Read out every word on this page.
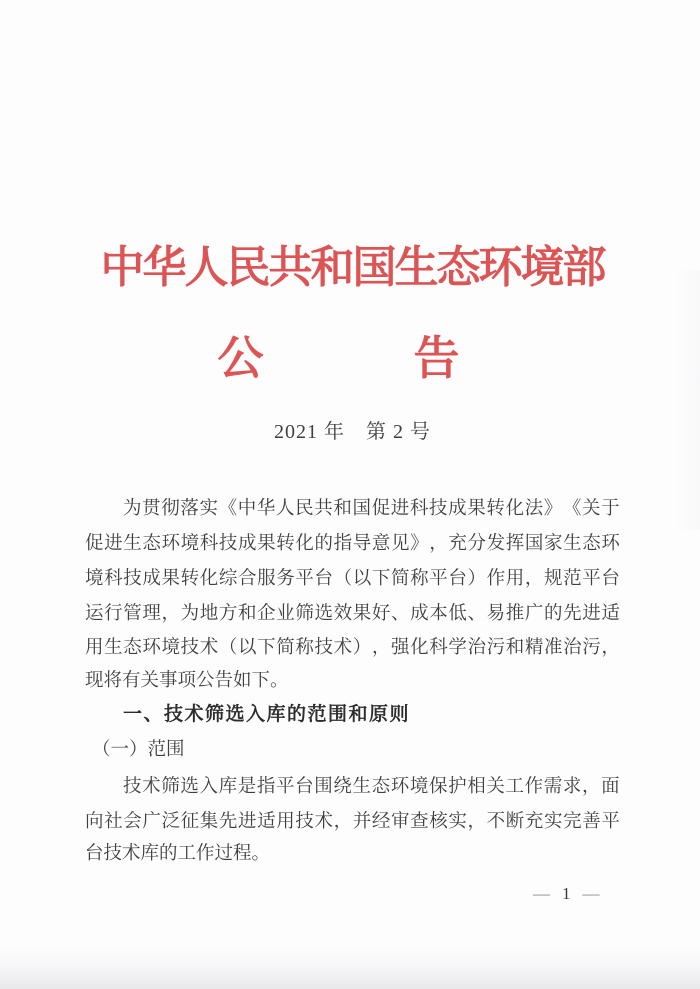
中华人民共和国生态环境部
公	告
2021 年　第 2 号
为 贯 彻 落 实 《 中 华 人 民 共 和 国 促 进 科 技 成 果 转 化 法 》 《 关 于
促 进 生 态 环 境 科 技 成 果 转 化 的 指 导 意 见 》 ， 充 分 发 挥 国 家 生 态 环
境 科 技 成 果 转 化 综 合 服 务 平 台 （ 以 下 简 称 平 台 ） 作 用 ， 规 范 平 台
运 行 管 理 ， 为 地 方 和 企 业 筛 选 效 果 好 、 成 本 低 、 易 推 广 的 先 进 适
用 生 态 环 境 技 术 （ 以 下 简 称 技 术 ） ， 强 化 科 学 治 污 和 精 准 治 污 ，
现将有关事项公告如下。
一、技术筛选入库的范围和原则
（一）范围
技 术 筛 选 入 库 是 指 平 台 围 绕 生 态 环 境 保 护 相 关 工 作 需 求 ， 面
向 社 会 广 泛 征 集 先 进 适 用 技 术 ， 并 经 审 查 核 实 ， 不 断 充 实 完 善 平
台技术库的工作过程。
— 1 —
